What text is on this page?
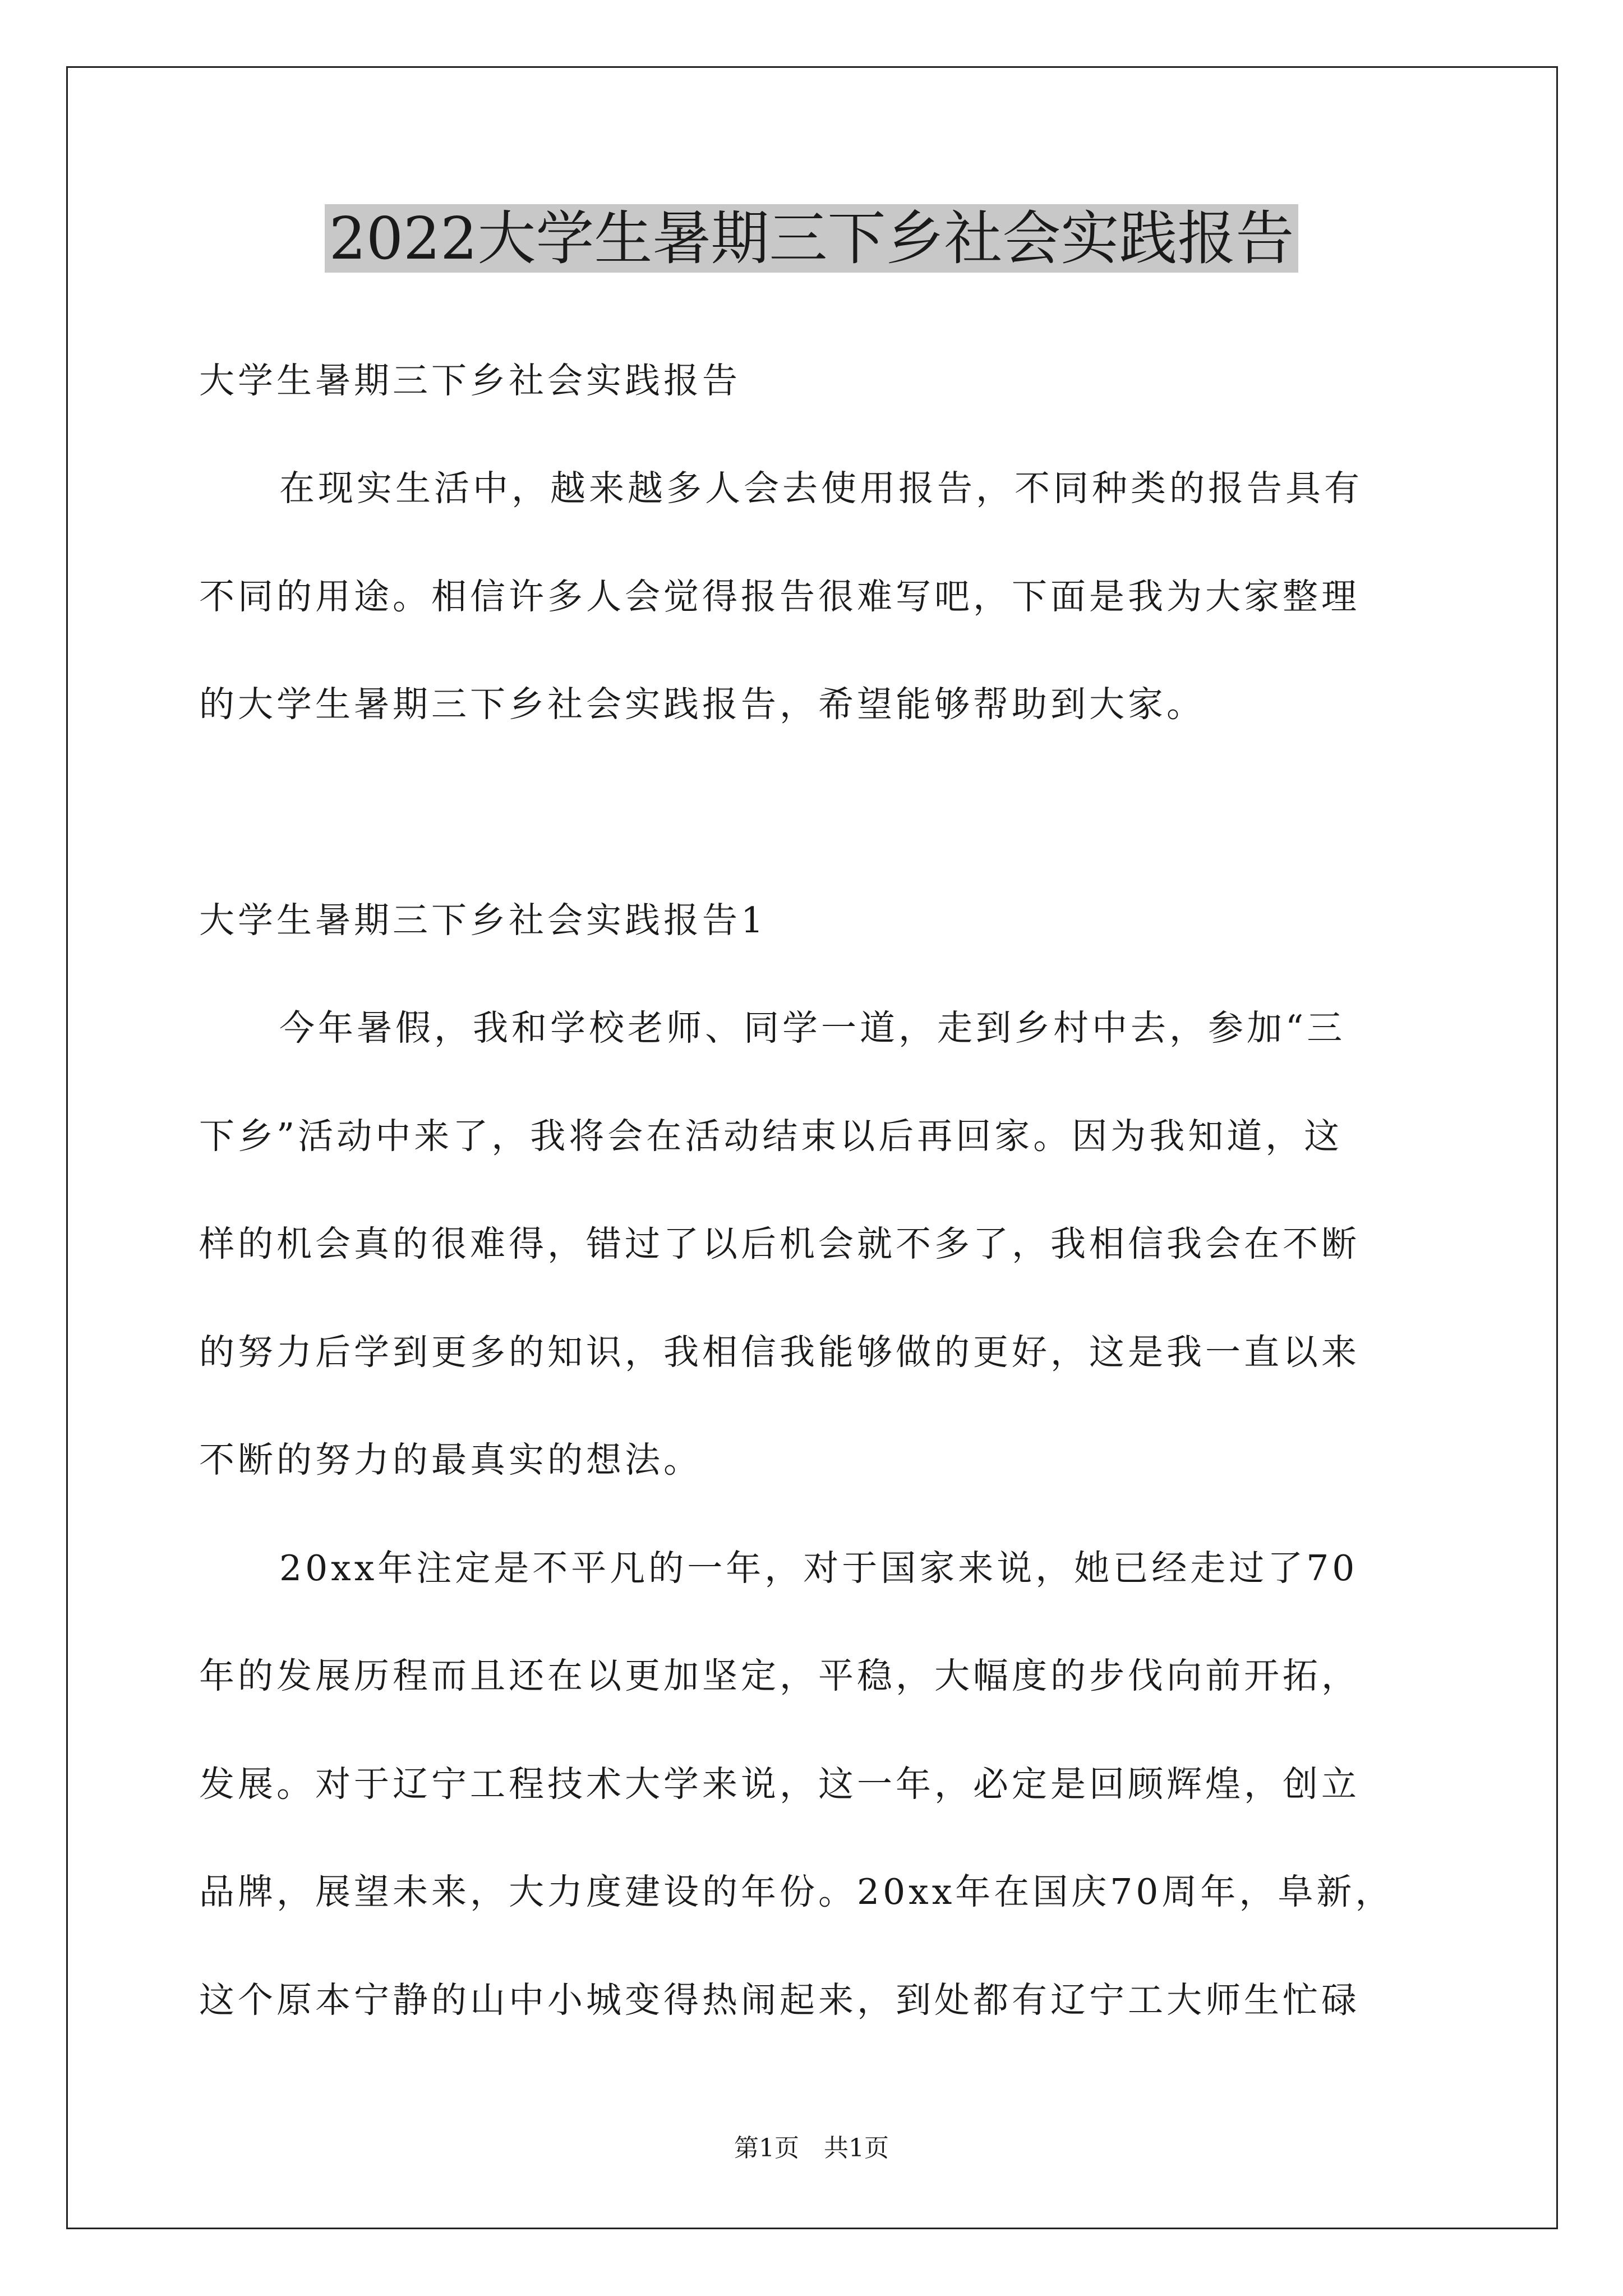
2022大学生暑期三下乡社会实践报告
大学生暑期三下乡社会实践报告
在现实生活中，越来越多人会去使用报告，不同种类的报告具有
不同的用途。相信许多人会觉得报告很难写吧，下面是我为大家整理
的大学生暑期三下乡社会实践报告，希望能够帮助到大家。
大学生暑期三下乡社会实践报告1
今年暑假，我和学校老师、同学一道，走到乡村中去，参加“三
下乡”活动中来了，我将会在活动结束以后再回家。因为我知道，这
样的机会真的很难得，错过了以后机会就不多了，我相信我会在不断
的努力后学到更多的知识，我相信我能够做的更好，这是我一直以来
不断的努力的最真实的想法。
20xx年注定是不平凡的一年，对于国家来说，她已经走过了70
年的发展历程而且还在以更加坚定，平稳，大幅度的步伐向前开拓，
发展。对于辽宁工程技术大学来说，这一年，必定是回顾辉煌，创立
品牌，展望未来，大力度建设的年份。20xx年在国庆70周年，阜新，
这个原本宁静的山中小城变得热闹起来，到处都有辽宁工大师生忙碌
第1页　共1页
